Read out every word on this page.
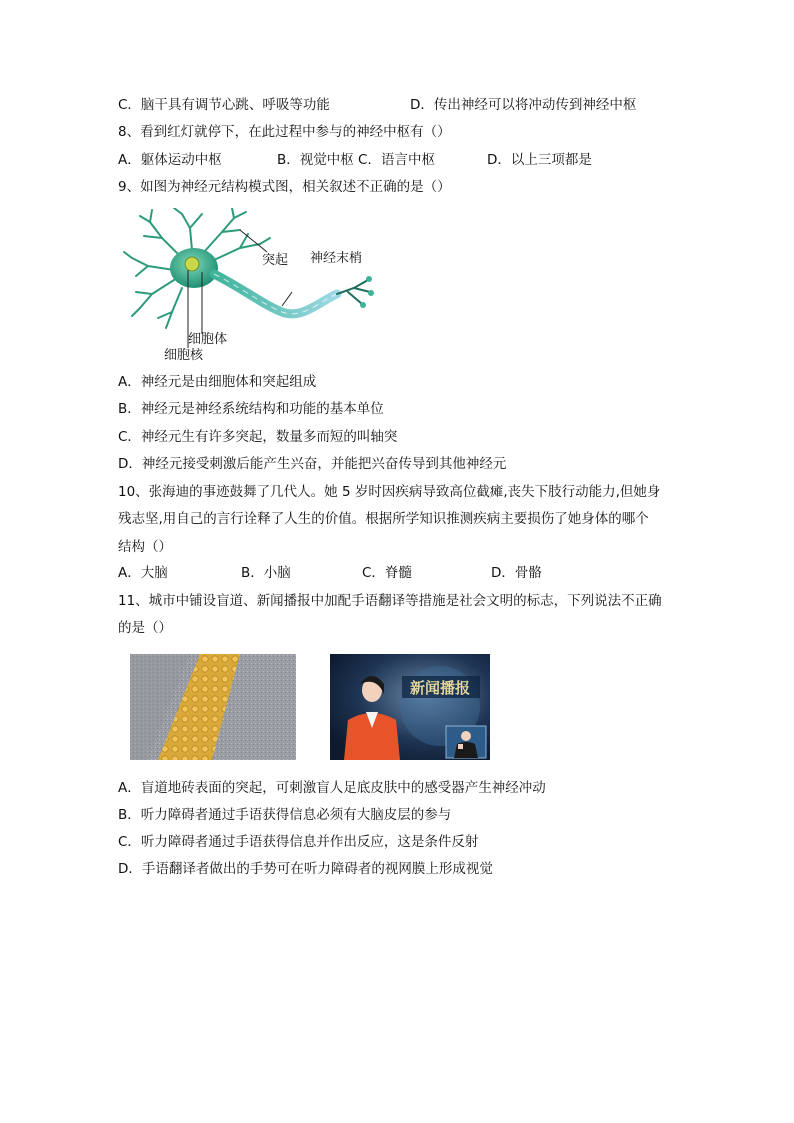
C．脑干具有调节心跳、呼吸等功能	D．传出神经可以将冲动传到神经中枢
8、看到红灯就停下，在此过程中参与的神经中枢有（）
A．躯体运动中枢	B．视觉中枢 C．语言中枢	D．以上三项都是
9、如图为神经元结构模式图，相关叙述不正确的是（）
突起 神经末梢
细胞体
细胞核
A．神经元是由细胞体和突起组成
B．神经元是神经系统结构和功能的基本单位
C．神经元生有许多突起，数量多而短的叫轴突
D．神经元接受刺激后能产生兴奋，并能把兴奋传导到其他神经元
10、张海迪的事迹鼓舞了几代人。她 5 岁时因疾病导致高位截瘫,丧失下肢行动能力,但她身
残志坚,用自己的言行诠释了人生的价值。根据所学知识推测疾病主要损伤了她身体的哪个
结构（）
A．大脑	B．小脑	C．脊髓	D．骨骼
11、城市中铺设盲道、新闻播报中加配手语翻译等措施是社会文明的标志，下列说法不正确
的是（）
新闻播报
A．盲道地砖表面的突起，可刺激盲人足底皮肤中的感受器产生神经冲动
B．听力障碍者通过手语获得信息必须有大脑皮层的参与
C．听力障碍者通过手语获得信息并作出反应，这是条件反射
D．手语翻译者做出的手势可在听力障碍者的视网膜上形成视觉
